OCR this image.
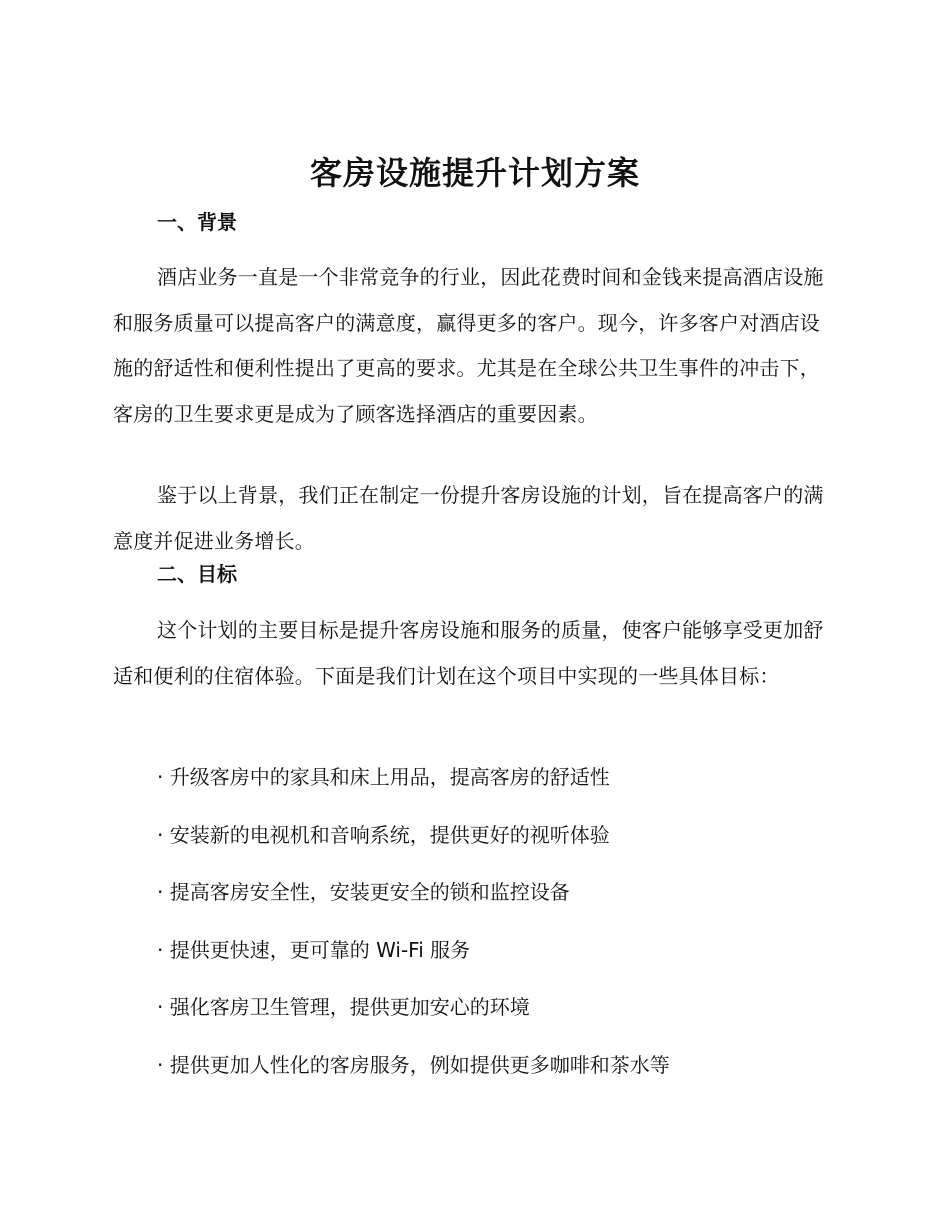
客房设施提升计划方案
一、背景

酒店业务一直是一个非常竞争的行业，因此花费时间和金钱来提高酒店设施和服务质量可以提高客户的满意度，赢得更多的客户。现今，许多客户对酒店设施的舒适性和便利性提出了更高的要求。尤其是在全球公共卫生事件的冲击下，客房的卫生要求更是成为了顾客选择酒店的重要因素。

鉴于以上背景，我们正在制定一份提升客房设施的计划，旨在提高客户的满意度并促进业务增长。

二、目标

这个计划的主要目标是提升客房设施和服务的质量，使客户能够享受更加舒适和便利的住宿体验。下面是我们计划在这个项目中实现的一些具体目标：

· 升级客房中的家具和床上用品，提高客房的舒适性
· 安装新的电视机和音响系统，提供更好的视听体验
· 提高客房安全性，安装更安全的锁和监控设备
· 提供更快速，更可靠的 Wi-Fi 服务
· 强化客房卫生管理，提供更加安心的环境
· 提供更加人性化的客房服务，例如提供更多咖啡和茶水等
